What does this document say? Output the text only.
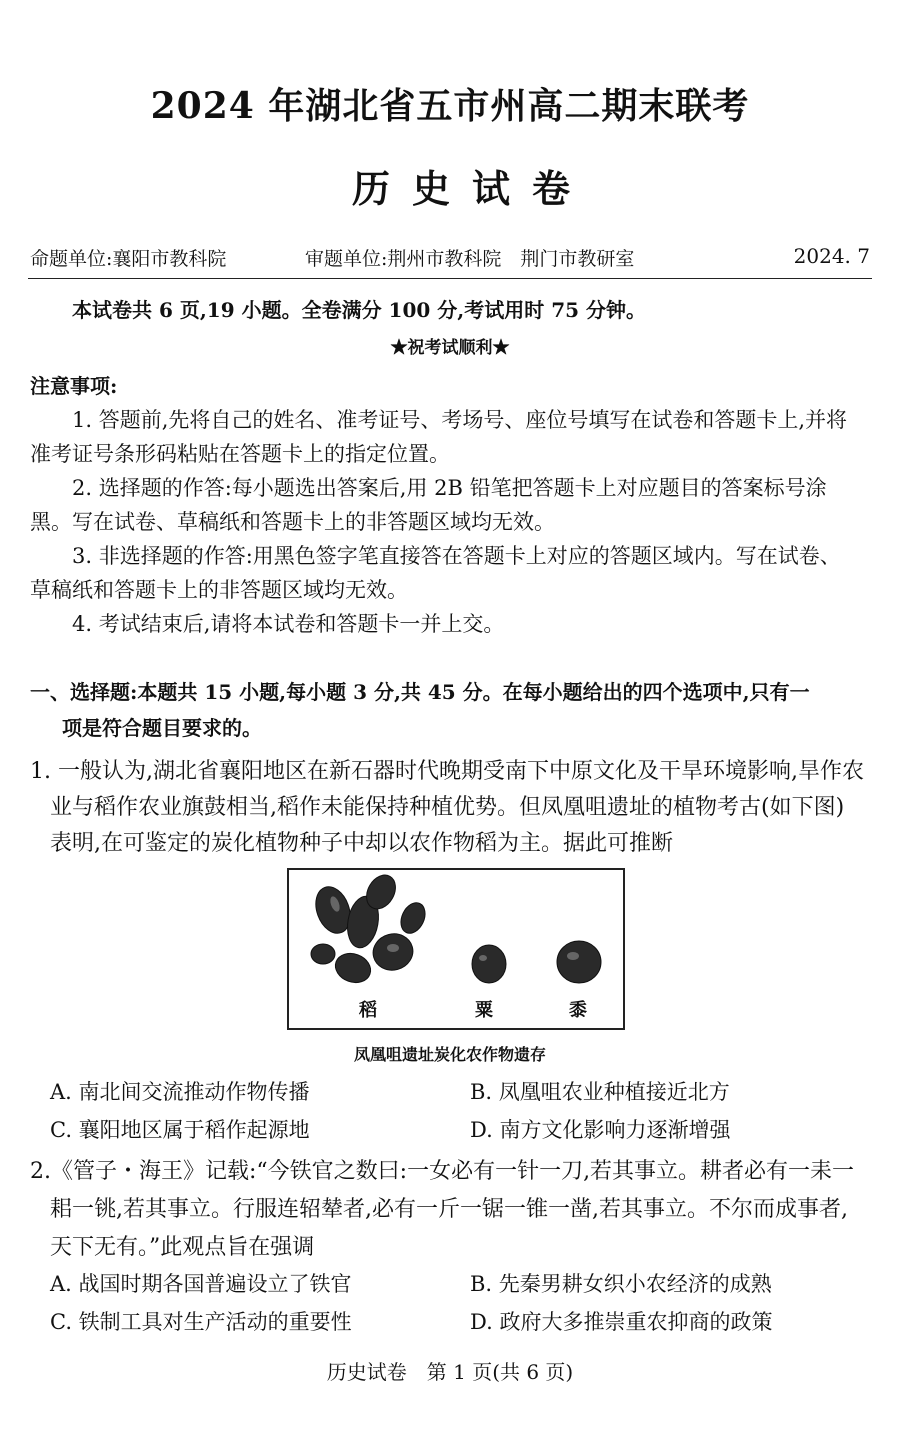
2024 年湖北省五市州高二期末联考
历史试卷
命题单位:襄阳市教科院	审题单位:荆州市教科院　荆门市教研室	2024. 7
本试卷共 6 页,19 小题。全卷满分 100 分,考试用时 75 分钟。
★祝考试顺利★
注意事项:
1. 答题前,先将自己的姓名、准考证号、考场号、座位号填写在试卷和答题卡上,并将
准考证号条形码粘贴在答题卡上的指定位置。
2. 选择题的作答:每小题选出答案后,用 2B 铅笔把答题卡上对应题目的答案标号涂
黑。写在试卷、草稿纸和答题卡上的非答题区域均无效。
3. 非选择题的作答:用黑色签字笔直接答在答题卡上对应的答题区域内。写在试卷、
草稿纸和答题卡上的非答题区域均无效。
4. 考试结束后,请将本试卷和答题卡一并上交。
一、选择题:本题共 15 小题,每小题 3 分,共 45 分。在每小题给出的四个选项中,只有一
项是符合题目要求的。
1. 一般认为,湖北省襄阳地区在新石器时代晚期受南下中原文化及干旱环境影响,旱作农
业与稻作农业旗鼓相当,稻作未能保持种植优势。但凤凰咀遗址的植物考古(如下图)
表明,在可鉴定的炭化植物种子中却以农作物稻为主。据此可推断
稻	粟	黍
凤凰咀遗址炭化农作物遗存
A. 南北间交流推动作物传播	B. 凤凰咀农业种植接近北方
C. 襄阳地区属于稻作起源地	D. 南方文化影响力逐渐增强
2.《管子・海王》记载:“今铁官之数曰:一女必有一针一刀,若其事立。耕者必有一耒一
耜一铫,若其事立。行服连轺辇者,必有一斤一锯一锥一凿,若其事立。不尔而成事者,
天下无有。”此观点旨在强调
A. 战国时期各国普遍设立了铁官	B. 先秦男耕女织小农经济的成熟
C. 铁制工具对生产活动的重要性	D. 政府大多推崇重农抑商的政策
历史试卷　第 1 页(共 6 页)
